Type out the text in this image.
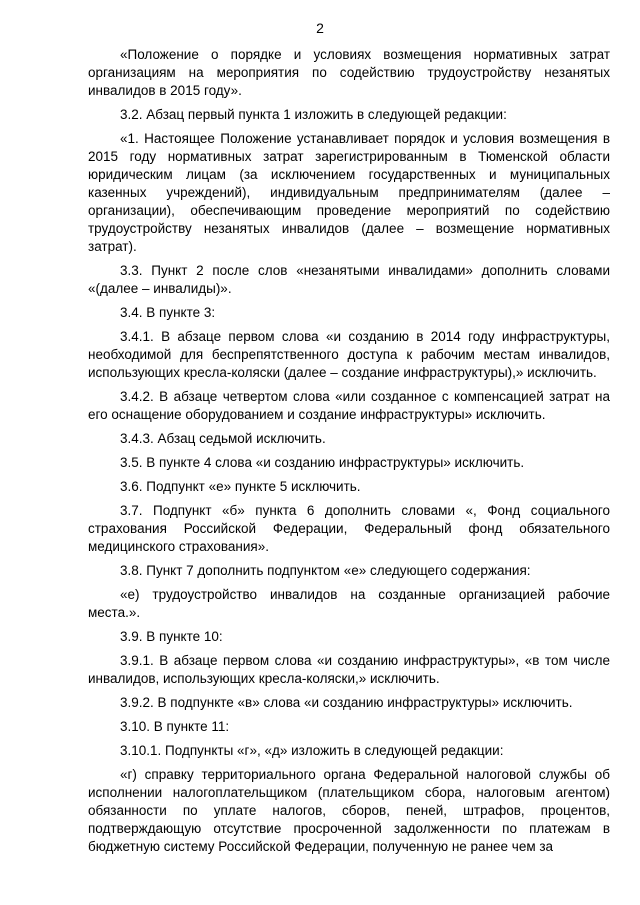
2

«Положение о порядке и условиях возмещения нормативных затрат организациям на мероприятия по содействию трудоустройству незанятых инвалидов в 2015 году».

3.2. Абзац первый пункта 1 изложить в следующей редакции:

«1. Настоящее Положение устанавливает порядок и условия возмещения в 2015 году нормативных затрат зарегистрированным в Тюменской области юридическим лицам (за исключением государственных и муниципальных казенных учреждений), индивидуальным предпринимателям (далее – организации), обеспечивающим проведение мероприятий по содействию трудоустройству незанятых инвалидов (далее – возмещение нормативных затрат).

3.3. Пункт 2 после слов «незанятыми инвалидами» дополнить словами «(далее – инвалиды)».

3.4. В пункте 3:

3.4.1. В абзаце первом слова «и созданию в 2014 году инфраструктуры, необходимой для беспрепятственного доступа к рабочим местам инвалидов, использующих кресла-коляски (далее – создание инфраструктуры),» исключить.

3.4.2. В абзаце четвертом слова «или созданное с компенсацией затрат на его оснащение оборудованием и создание инфраструктуры» исключить.

3.4.3. Абзац седьмой исключить.

3.5. В пункте 4 слова «и созданию инфраструктуры» исключить.

3.6. Подпункт «е» пункте 5 исключить.

3.7. Подпункт «б» пункта 6 дополнить словами «, Фонд социального страхования Российской Федерации, Федеральный фонд обязательного медицинского страхования».

3.8. Пункт 7 дополнить подпунктом «е» следующего содержания:

«е) трудоустройство инвалидов на созданные организацией рабочие места.».

3.9. В пункте 10:

3.9.1. В абзаце первом слова «и созданию инфраструктуры», «в том числе инвалидов, использующих кресла-коляски,» исключить.

3.9.2. В подпункте «в» слова «и созданию инфраструктуры» исключить.

3.10. В пункте 11:

3.10.1. Подпункты «г», «д» изложить в следующей редакции:

«г) справку территориального органа Федеральной налоговой службы об исполнении налогоплательщиком (плательщиком сбора, налоговым агентом) обязанности по уплате налогов, сборов, пеней, штрафов, процентов, подтверждающую отсутствие просроченной задолженности по платежам в бюджетную систему Российской Федерации, полученную не ранее чем за
